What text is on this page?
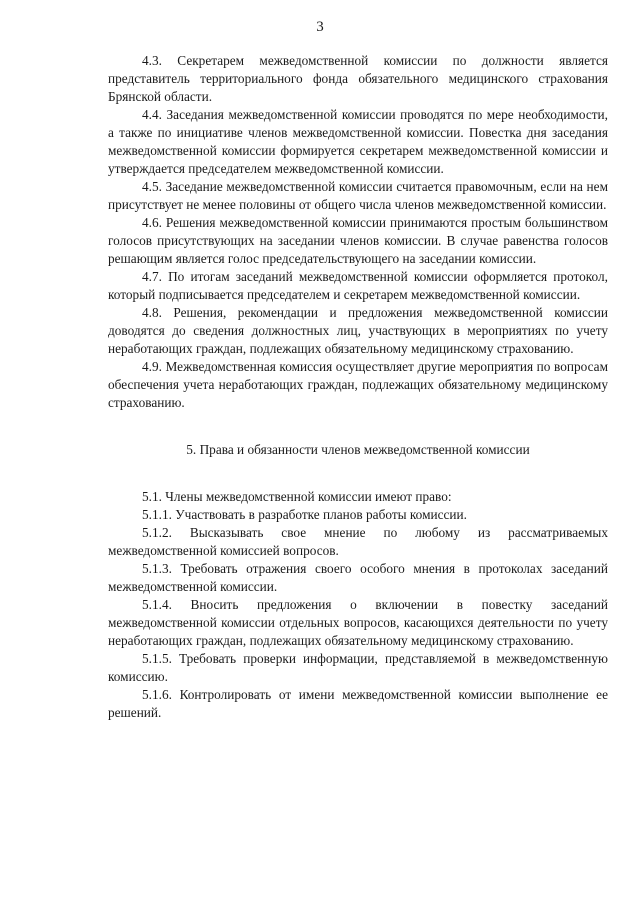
3

4.3. Секретарем межведомственной комиссии по должности является представитель территориального фонда обязательного медицинского страхования Брянской области.

4.4. Заседания межведомственной комиссии проводятся по мере необходимости, а также по инициативе членов межведомственной комиссии. Повестка дня заседания межведомственной комиссии формируется секретарем межведомственной комиссии и утверждается председателем межведомственной комиссии.

4.5. Заседание межведомственной комиссии считается правомочным, если на нем присутствует не менее половины от общего числа членов межведомственной комиссии.

4.6. Решения межведомственной комиссии принимаются простым большинством голосов присутствующих на заседании членов комиссии. В случае равенства голосов решающим является голос председательствующего на заседании комиссии.

4.7. По итогам заседаний межведомственной комиссии оформляется протокол, который подписывается председателем и секретарем межведомственной комиссии.

4.8. Решения, рекомендации и предложения межведомственной комиссии доводятся до сведения должностных лиц, участвующих в мероприятиях по учету неработающих граждан, подлежащих обязательному медицинскому страхованию.

4.9. Межведомственная комиссия осуществляет другие мероприятия по вопросам обеспечения учета неработающих граждан, подлежащих обязательному медицинскому страхованию.

5. Права и обязанности членов межведомственной комиссии

5.1. Члены межведомственной комиссии имеют право:

5.1.1. Участвовать в разработке планов работы комиссии.

5.1.2. Высказывать свое мнение по любому из рассматриваемых межведомственной комиссией вопросов.

5.1.3. Требовать отражения своего особого мнения в протоколах заседаний межведомственной комиссии.

5.1.4. Вносить предложения о включении в повестку заседаний межведомственной комиссии отдельных вопросов, касающихся деятельности по учету неработающих граждан, подлежащих обязательному медицинскому страхованию.

5.1.5. Требовать проверки информации, представляемой в межведомственную комиссию.

5.1.6. Контролировать от имени межведомственной комиссии выполнение ее решений.
